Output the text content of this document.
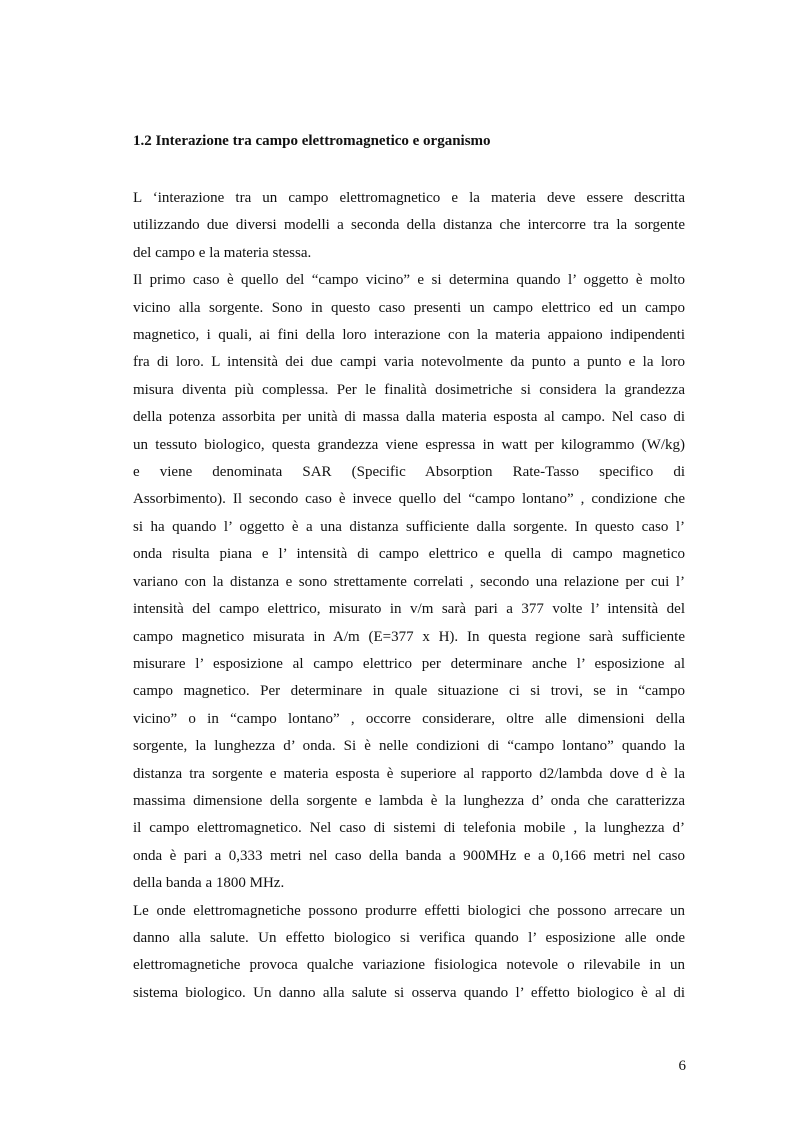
1.2 Interazione tra campo elettromagnetico e organismo
L ‘interazione tra un campo elettromagnetico e la materia deve essere descritta
utilizzando due diversi modelli a seconda della distanza che intercorre tra la sorgente
del campo e la materia stessa.
Il primo caso è quello del “campo vicino” e si determina quando l’ oggetto è molto
vicino alla sorgente. Sono in questo caso presenti un campo elettrico ed un campo
magnetico, i quali, ai fini della loro interazione con la materia appaiono indipendenti
fra di loro. L intensità dei due campi varia notevolmente da punto a punto e la loro
misura diventa più complessa. Per le finalità dosimetriche si considera la grandezza
della potenza assorbita per unità di massa dalla materia esposta al campo. Nel caso di
un tessuto biologico, questa grandezza viene espressa in watt per kilogrammo (W/kg)
e viene denominata SAR (Specific Absorption Rate-Tasso specifico di
Assorbimento). Il secondo caso è invece quello del “campo lontano” , condizione che
si ha quando l’ oggetto è a una distanza sufficiente dalla sorgente. In questo caso l’
onda risulta piana e l’ intensità di campo elettrico e quella di campo magnetico
variano con la distanza e sono strettamente correlati , secondo una relazione per cui l’
intensità del campo elettrico, misurato in v/m sarà pari a 377 volte l’ intensità del
campo magnetico misurata in A/m (E=377 x H). In questa regione sarà sufficiente
misurare l’ esposizione al campo elettrico per determinare anche l’ esposizione al
campo magnetico. Per determinare in quale situazione ci si trovi, se in “campo
vicino” o in “campo lontano” , occorre considerare, oltre alle dimensioni della
sorgente, la lunghezza d’ onda. Si è nelle condizioni di “campo lontano” quando la
distanza tra sorgente e materia esposta è superiore al rapporto d2/lambda dove d è la
massima dimensione della sorgente e lambda è la lunghezza d’ onda che caratterizza
il campo elettromagnetico. Nel caso di sistemi di telefonia mobile , la lunghezza d’
onda è pari a 0,333 metri nel caso della banda a 900MHz e a 0,166 metri nel caso
della banda a 1800 MHz.
Le onde elettromagnetiche possono produrre effetti biologici che possono arrecare un
danno alla salute. Un effetto biologico si verifica quando l’ esposizione alle onde
elettromagnetiche provoca qualche variazione fisiologica notevole o rilevabile in un
sistema biologico. Un danno alla salute si osserva quando l’ effetto biologico è al di
6
